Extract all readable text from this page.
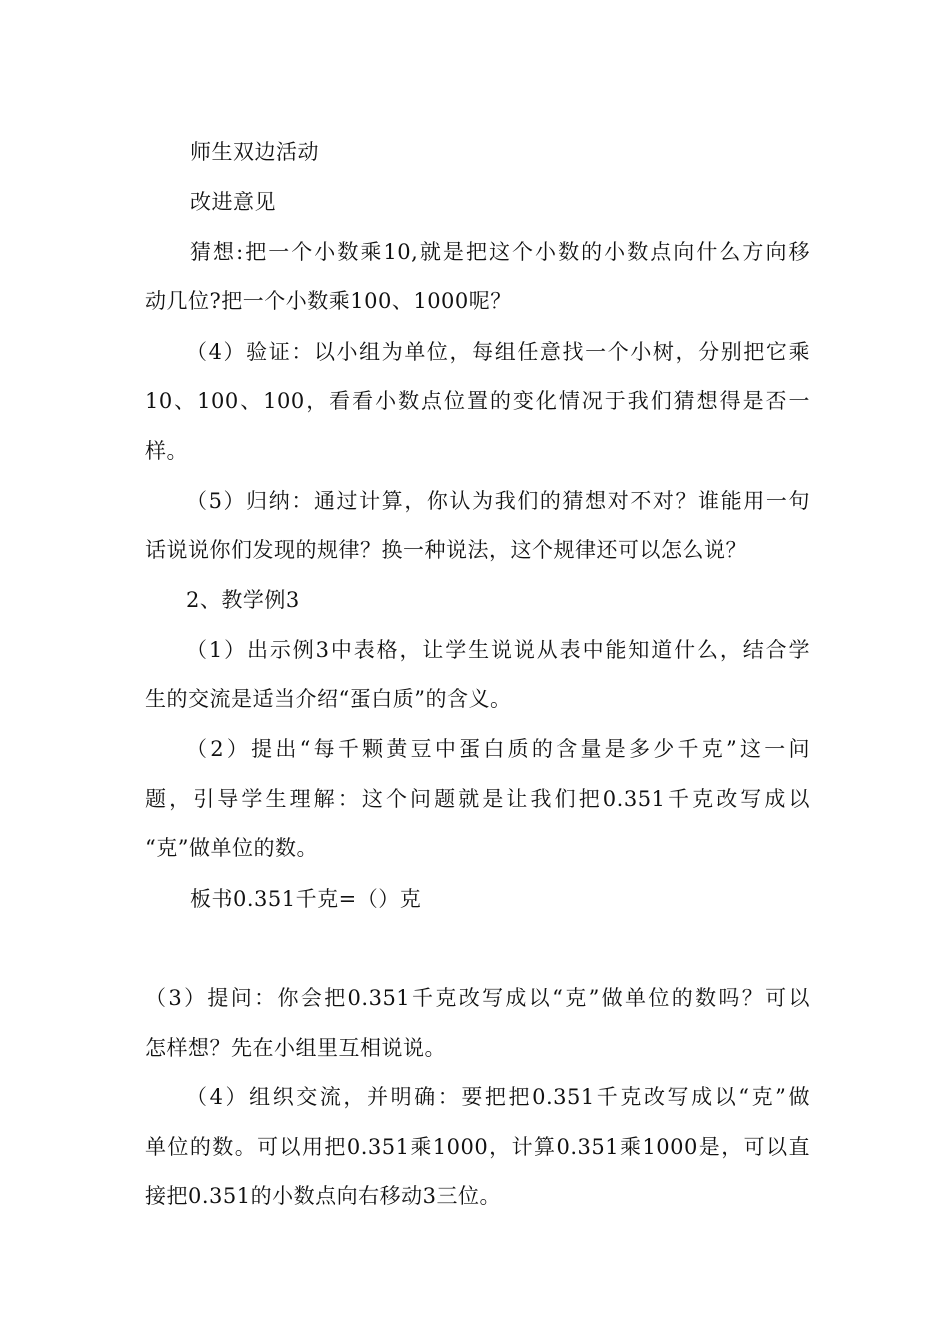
师生双边活动
改进意见
猜想:把一个小数乘10,就是把这个小数的小数点向什么方向移
动几位?把一个小数乘100、1000呢？
（4）验证：以小组为单位，每组任意找一个小树，分别把它乘
10、100、100，看看小数点位置的变化情况于我们猜想得是否一
样。
（5）归纳：通过计算，你认为我们的猜想对不对？谁能用一句
话说说你们发现的规律？换一种说法，这个规律还可以怎么说？
2、教学例3
（1）出示例3中表格，让学生说说从表中能知道什么，结合学
生的交流是适当介绍“蛋白质”的含义。
（2）提出“每千颗黄豆中蛋白质的含量是多少千克”这一问
题，引导学生理解：这个问题就是让我们把0.351千克改写成以
“克”做单位的数。
板书0.351千克=（）克
（3）提问：你会把0.351千克改写成以“克”做单位的数吗？可以
怎样想？先在小组里互相说说。
（4）组织交流，并明确：要把把0.351千克改写成以“克”做
单位的数。可以用把0.351乘1000，计算0.351乘1000是，可以直
接把0.351的小数点向右移动3三位。
